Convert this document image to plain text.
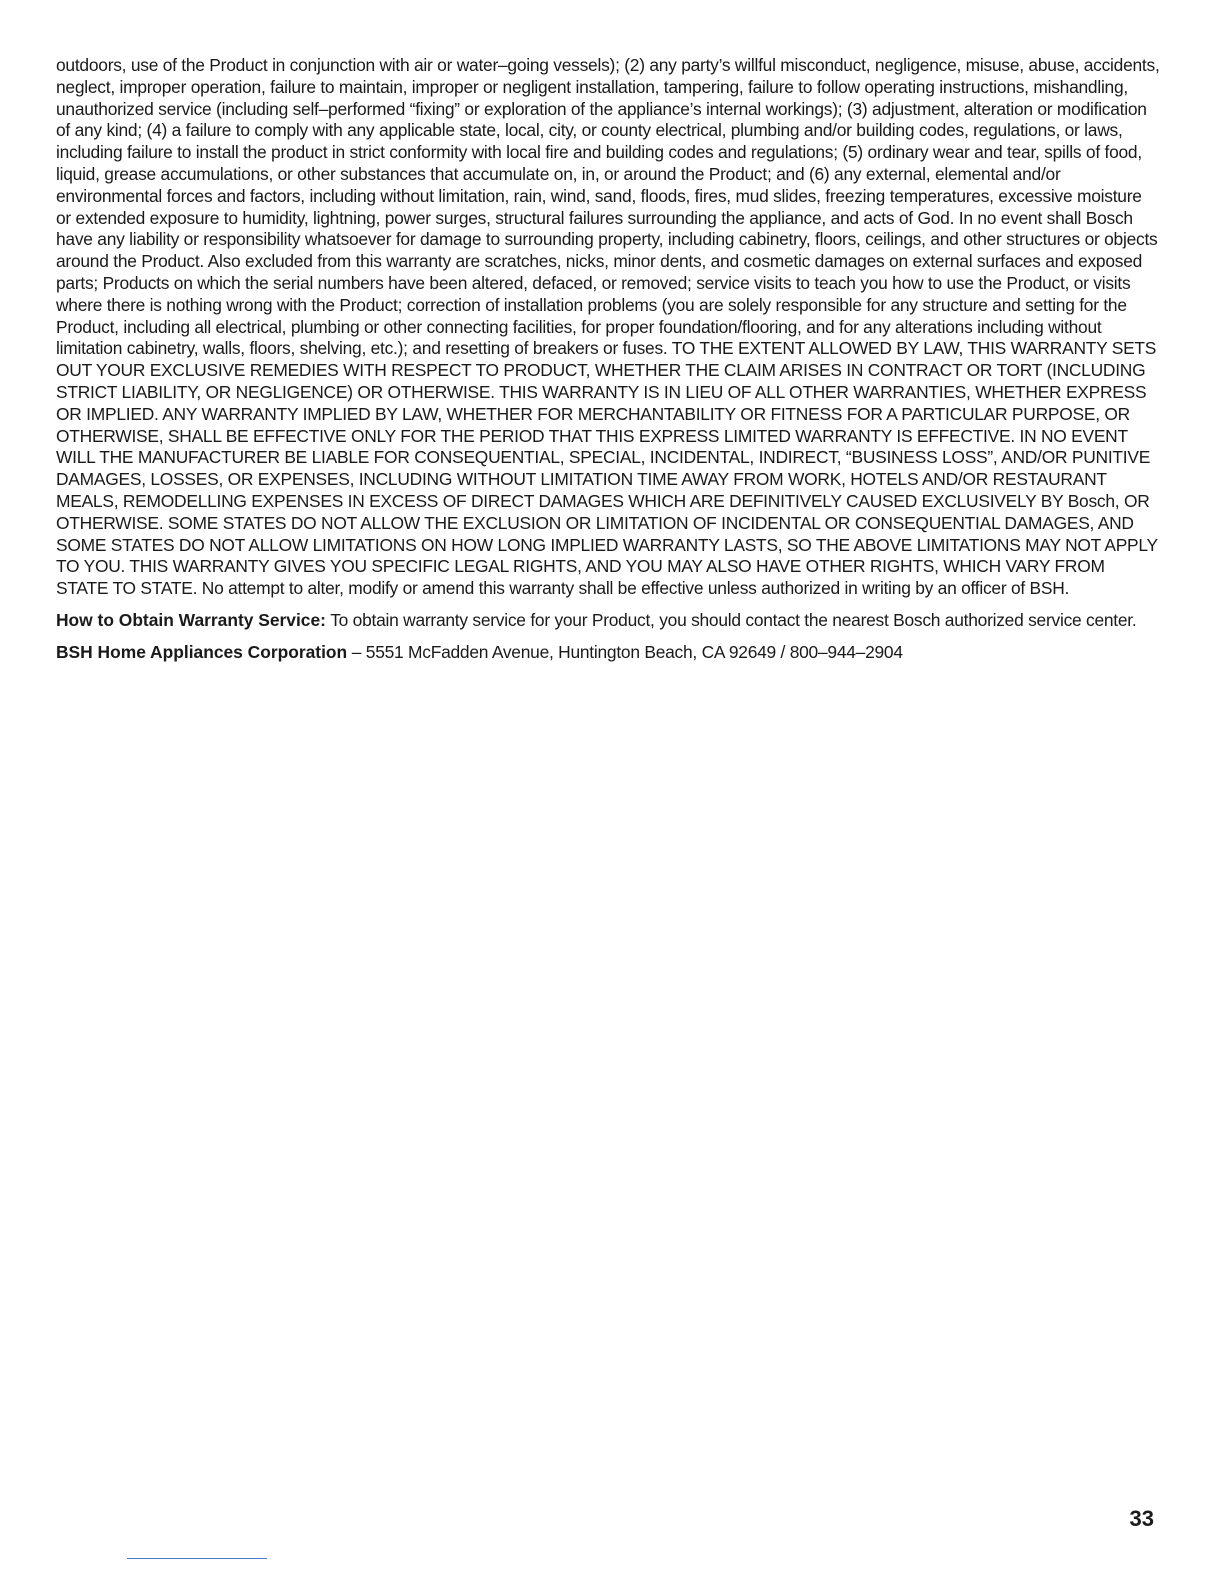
outdoors, use of the Product in conjunction with air or water–going vessels); (2) any party’s willful misconduct, negligence, misuse, abuse, accidents, neglect, improper operation, failure to maintain, improper or negligent installation, tampering, failure to follow operating instructions, mishandling, unauthorized service (including self–performed “fixing” or exploration of the appliance’s internal workings); (3) adjustment, alteration or modification of any kind; (4) a failure to comply with any applicable state, local, city, or county electrical, plumbing and/or building codes, regulations, or laws, including failure to install the product in strict conformity with local fire and building codes and regulations; (5) ordinary wear and tear, spills of food, liquid, grease accumulations, or other substances that accumulate on, in, or around the Product; and (6) any external, elemental and/or environmental forces and factors, including without limitation, rain, wind, sand, floods, fires, mud slides, freezing temperatures, excessive moisture or extended exposure to humidity, lightning, power surges, structural failures surrounding the appliance, and acts of God. In no event shall Bosch have any liability or responsibility whatsoever for damage to surrounding property, including cabinetry, floors, ceilings, and other structures or objects around the Product. Also excluded from this warranty are scratches, nicks, minor dents, and cosmetic damages on external surfaces and exposed parts; Products on which the serial numbers have been altered, defaced, or removed; service visits to teach you how to use the Product, or visits where there is nothing wrong with the Product; correction of installation problems (you are solely responsible for any structure and setting for the Product, including all electrical, plumbing or other connecting facilities, for proper foundation/flooring, and for any alterations including without limitation cabinetry, walls, floors, shelving, etc.); and resetting of breakers or fuses. TO THE EXTENT ALLOWED BY LAW, THIS WARRANTY SETS OUT YOUR EXCLUSIVE REMEDIES WITH RESPECT TO PRODUCT, WHETHER THE CLAIM ARISES IN CONTRACT OR TORT (INCLUDING STRICT LIABILITY, OR NEGLIGENCE) OR OTHERWISE. THIS WARRANTY IS IN LIEU OF ALL OTHER WARRANTIES, WHETHER EXPRESS OR IMPLIED. ANY WARRANTY IMPLIED BY LAW, WHETHER FOR MERCHANTABILITY OR FITNESS FOR A PARTICULAR PURPOSE, OR OTHERWISE, SHALL BE EFFECTIVE ONLY FOR THE PERIOD THAT THIS EXPRESS LIMITED WARRANTY IS EFFECTIVE. IN NO EVENT WILL THE MANUFACTURER BE LIABLE FOR CONSEQUENTIAL, SPECIAL, INCIDENTAL, INDIRECT, “BUSINESS LOSS”, AND/OR PUNITIVE DAMAGES, LOSSES, OR EXPENSES, INCLUDING WITHOUT LIMITATION TIME AWAY FROM WORK, HOTELS AND/OR RESTAURANT MEALS, REMODELLING EXPENSES IN EXCESS OF DIRECT DAMAGES WHICH ARE DEFINITIVELY CAUSED EXCLUSIVELY BY Bosch, OR OTHERWISE. SOME STATES DO NOT ALLOW THE EXCLUSION OR LIMITATION OF INCIDENTAL OR CONSEQUENTIAL DAMAGES, AND SOME STATES DO NOT ALLOW LIMITATIONS ON HOW LONG IMPLIED WARRANTY LASTS, SO THE ABOVE LIMITATIONS MAY NOT APPLY TO YOU. THIS WARRANTY GIVES YOU SPECIFIC LEGAL RIGHTS, AND YOU MAY ALSO HAVE OTHER RIGHTS, WHICH VARY FROM STATE TO STATE. No attempt to alter, modify or amend this warranty shall be effective unless authorized in writing by an officer of BSH.

How to Obtain Warranty Service: To obtain warranty service for your Product, you should contact the nearest Bosch authorized service center.

BSH Home Appliances Corporation – 5551 McFadden Avenue, Huntington Beach, CA 92649 / 800–944–2904

33
